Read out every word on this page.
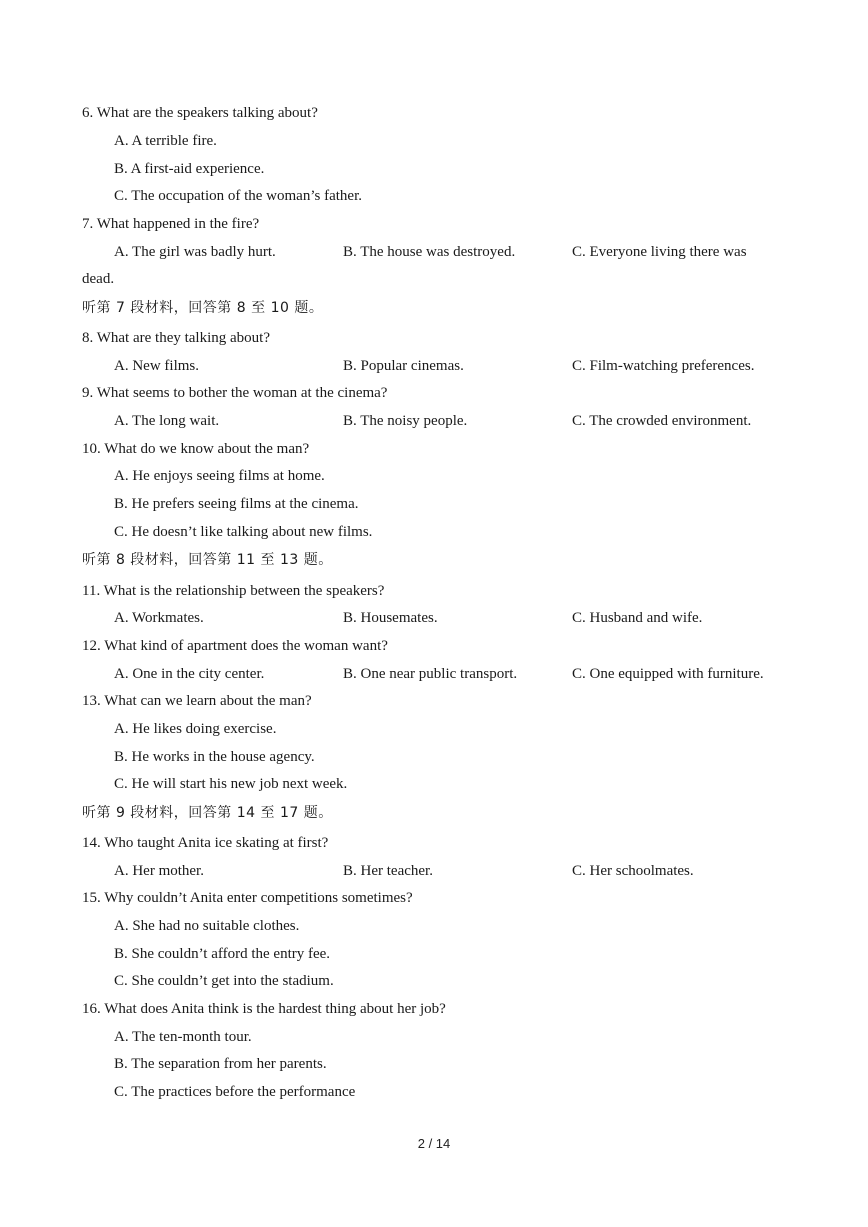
6. What are the speakers talking about?
A. A terrible fire.
B. A first-aid experience.
C. The occupation of the woman’s father.
7. What happened in the fire?
A. The girl was badly hurt.	B. The house was destroyed.	C. Everyone living there was
dead.
听第 7 段材料，回答第 8 至 10 题。
8. What are they talking about?
A. New films.	B. Popular cinemas.	C. Film-watching preferences.
9. What seems to bother the woman at the cinema?
A. The long wait.	B. The noisy people.	C. The crowded environment.
10. What do we know about the man?
A. He enjoys seeing films at home.
B. He prefers seeing films at the cinema.
C. He doesn’t like talking about new films.
听第 8 段材料，回答第 11 至 13 题。
11. What is the relationship between the speakers?
A. Workmates.	B. Housemates.	C. Husband and wife.
12. What kind of apartment does the woman want?
A. One in the city center.	B. One near public transport.	C. One equipped with furniture.
13. What can we learn about the man?
A. He likes doing exercise.
B. He works in the house agency.
C. He will start his new job next week.
听第 9 段材料，回答第 14 至 17 题。
14. Who taught Anita ice skating at first?
A. Her mother.	B. Her teacher.	C. Her schoolmates.
15. Why couldn’t Anita enter competitions sometimes?
A. She had no suitable clothes.
B. She couldn’t afford the entry fee.
C. She couldn’t get into the stadium.
16. What does Anita think is the hardest thing about her job?
A. The ten-month tour.
B. The separation from her parents.
C. The practices before the performance
2 / 14
